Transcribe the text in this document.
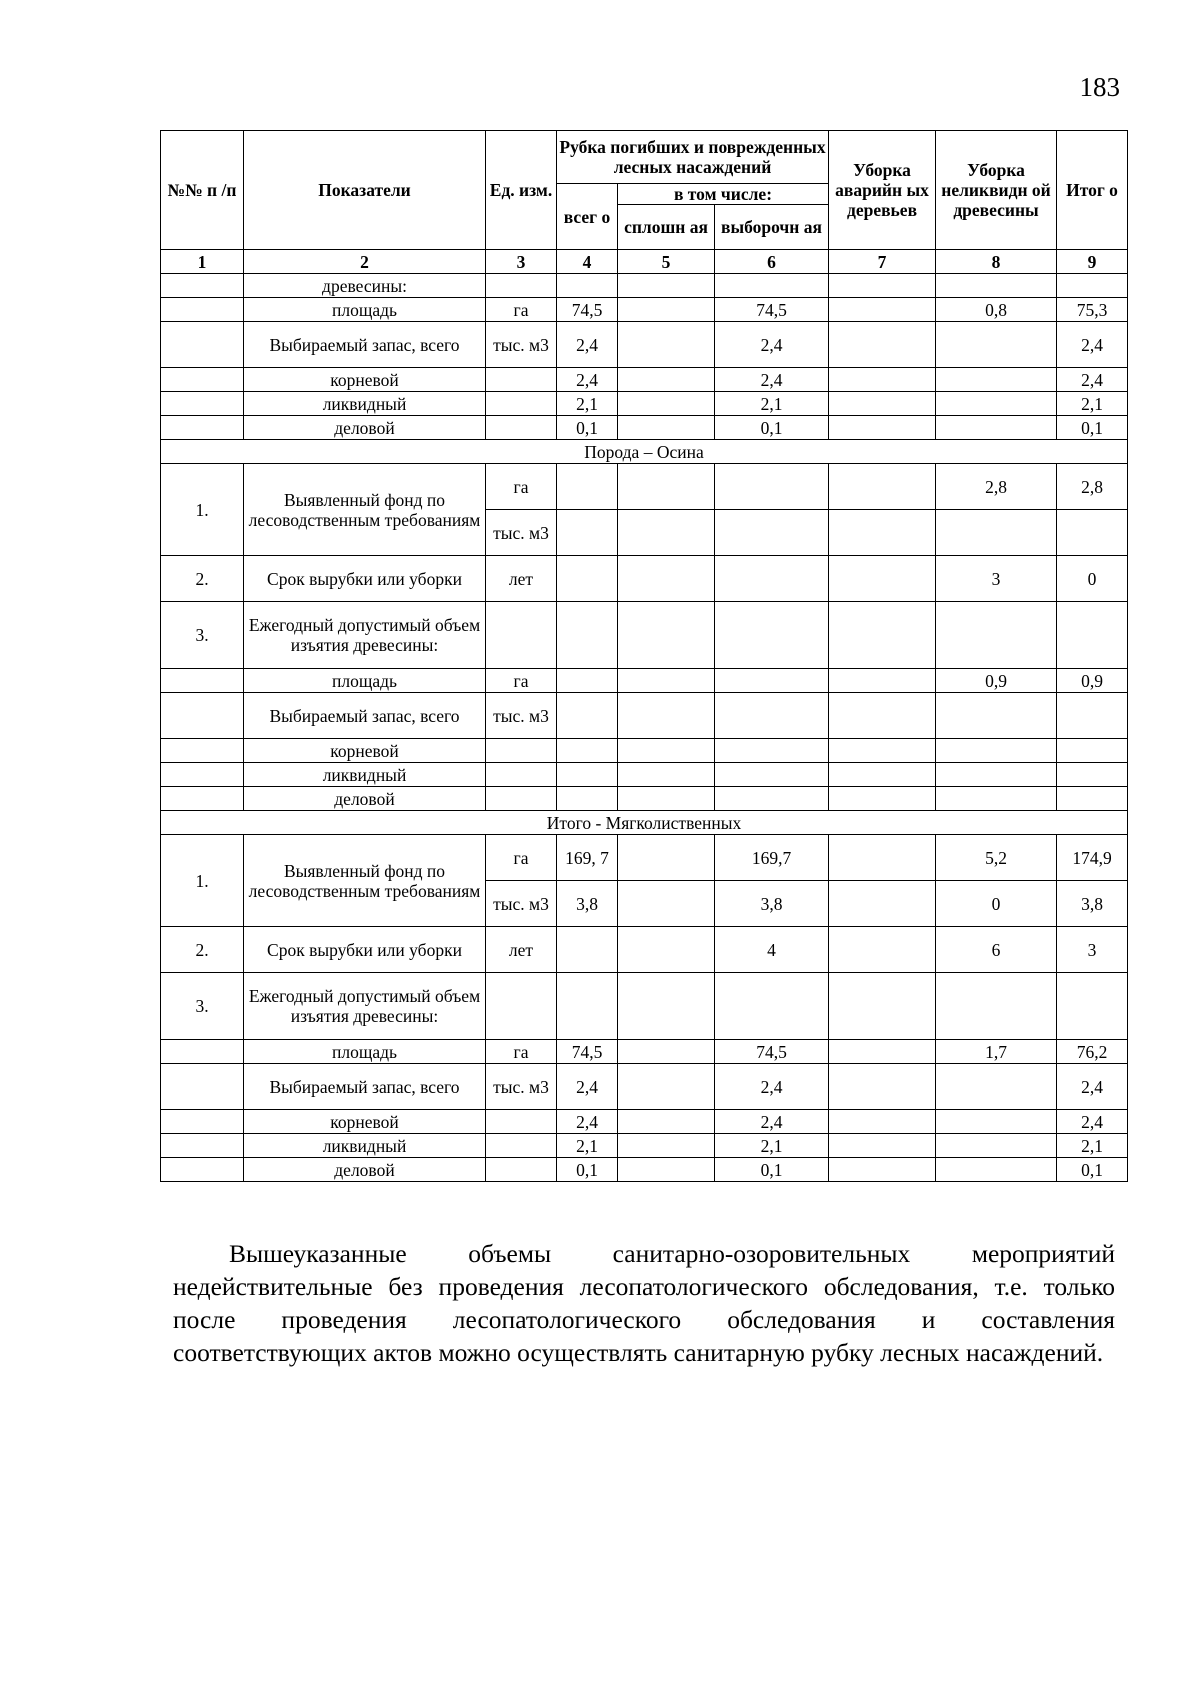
183
№№ п /п	Показатели	Ед. изм.	Рубка погибших и поврежденных лесных насаждений			Уборка аварийн ых деревьев	Уборка неликвидн ой древесины	Итог о
			всег о	в том числе:				
				сплошн ая	выборочн ая			
1	2	3	4	5	6	7	8	9
	древесины:							
	площадь	га	74,5		74,5		0,8	75,3
	Выбираемый запас, всего	тыс. м3	2,4		2,4			2,4
	корневой		2,4		2,4			2,4
	ликвидный		2,1		2,1			2,1
	деловой		0,1		0,1			0,1
Порода – Осина								
1.	Выявленный фонд по лесоводственным требованиям	га					2,8	2,8
		тыс. м3						
2.	Срок вырубки или уборки	лет					3	0
3.	Ежегодный допустимый объем изъятия древесины:							
	площадь	га					0,9	0,9
	Выбираемый запас, всего	тыс. м3						
	корневой							
	ликвидный							
	деловой							
Итого - Мягколиственных								
1.	Выявленный фонд по лесоводственным требованиям	га	169, 7		169,7		5,2	174,9
		тыс. м3	3,8		3,8		0	3,8
2.	Срок вырубки или уборки	лет			4		6	3
3.	Ежегодный допустимый объем изъятия древесины:							
	площадь	га	74,5		74,5		1,7	76,2
	Выбираемый запас, всего	тыс. м3	2,4		2,4			2,4
	корневой		2,4		2,4			2,4
	ликвидный		2,1		2,1			2,1
	деловой		0,1		0,1			0,1

Вышеуказанные объемы санитарно-озоровительных мероприятий недействительные без проведения лесопатологического обследования, т.е. только после проведения лесопатологического обследования и составления соответствующих актов можно осуществлять санитарную рубку лесных насаждений.
